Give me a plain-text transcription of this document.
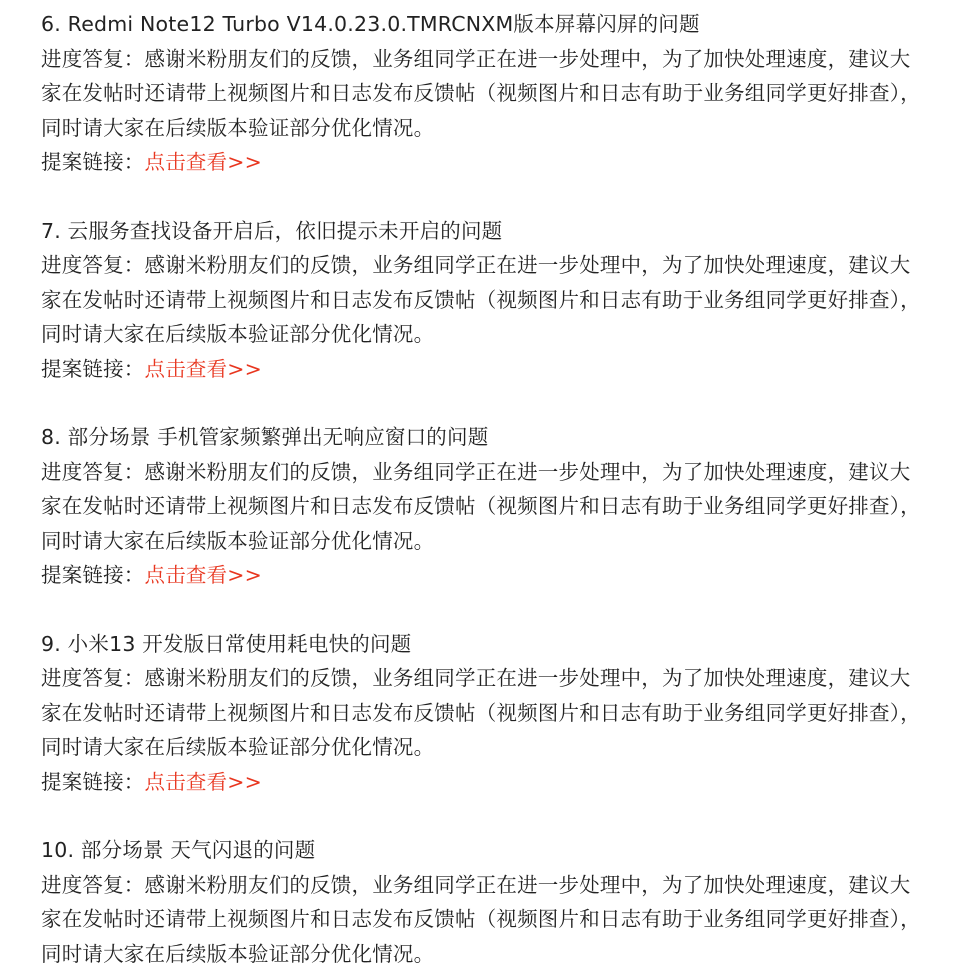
6. Redmi Note12 Turbo V14.0.23.0.TMRCNXM版本屏幕闪屏的问题
进度答复：感谢米粉朋友们的反馈，业务组同学正在进一步处理中，为了加快处理速度，建议大家在发帖时还请带上视频图片和日志发布反馈帖（视频图片和日志有助于业务组同学更好排查），同时请大家在后续版本验证部分优化情况。
提案链接：点击查看>>
7. 云服务查找设备开启后，依旧提示未开启的问题
进度答复：感谢米粉朋友们的反馈，业务组同学正在进一步处理中，为了加快处理速度，建议大家在发帖时还请带上视频图片和日志发布反馈帖（视频图片和日志有助于业务组同学更好排查），同时请大家在后续版本验证部分优化情况。
提案链接：点击查看>>
8. 部分场景 手机管家频繁弹出无响应窗口的问题
进度答复：感谢米粉朋友们的反馈，业务组同学正在进一步处理中，为了加快处理速度，建议大家在发帖时还请带上视频图片和日志发布反馈帖（视频图片和日志有助于业务组同学更好排查），同时请大家在后续版本验证部分优化情况。
提案链接：点击查看>>
9. 小米13 开发版日常使用耗电快的问题
进度答复：感谢米粉朋友们的反馈，业务组同学正在进一步处理中，为了加快处理速度，建议大家在发帖时还请带上视频图片和日志发布反馈帖（视频图片和日志有助于业务组同学更好排查），同时请大家在后续版本验证部分优化情况。
提案链接：点击查看>>
10. 部分场景 天气闪退的问题
进度答复：感谢米粉朋友们的反馈，业务组同学正在进一步处理中，为了加快处理速度，建议大家在发帖时还请带上视频图片和日志发布反馈帖（视频图片和日志有助于业务组同学更好排查），同时请大家在后续版本验证部分优化情况。
